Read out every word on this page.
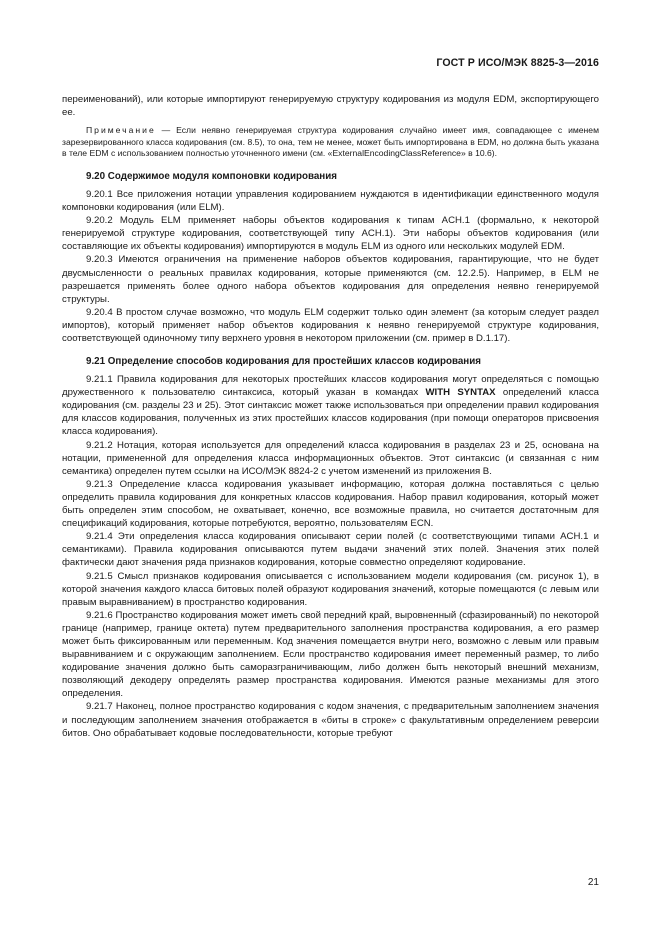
ГОСТ Р ИСО/МЭК 8825-3—2016

переименований), или которые импортируют генерируемую структуру кодирования из модуля EDM, экспортирующего ее.

Примечание — Если неявно генерируемая структура кодирования случайно имеет имя, совпадающее с именем зарезервированного класса кодирования (см. 8.5), то она, тем не менее, может быть импортирована в EDM, но должна быть указана в теле EDM с использованием полностью уточненного имени (см. «ExternalEncodingClassReference» в 10.6).

9.20 Содержимое модуля компоновки кодирования

9.20.1 Все приложения нотации управления кодированием нуждаются в идентификации единственного модуля компоновки кодирования (или ELM).

9.20.2 Модуль ELM применяет наборы объектов кодирования к типам ACH.1 (формально, к некоторой генерируемой структуре кодирования, соответствующей типу ACH.1). Эти наборы объектов кодирования (или составляющие их объекты кодирования) импортируются в модуль ELM из одного или нескольких модулей EDM.

9.20.3 Имеются ограничения на применение наборов объектов кодирования, гарантирующие, что не будет двусмысленности о реальных правилах кодирования, которые применяются (см. 12.2.5). Например, в ELM не разрешается применять более одного набора объектов кодирования для определения неявно генерируемой структуры.

9.20.4 В простом случае возможно, что модуль ELM содержит только один элемент (за которым следует раздел импортов), который применяет набор объектов кодирования к неявно генерируемой структуре кодирования, соответствующей одиночному типу верхнего уровня в некотором приложении (см. пример в D.1.17).

9.21 Определение способов кодирования для простейших классов кодирования

9.21.1 Правила кодирования для некоторых простейших классов кодирования могут определяться с помощью дружественного к пользователю синтаксиса, который указан в командах WITH SYNTAX определений класса кодирования (см. разделы 23 и 25). Этот синтаксис может также использоваться при определении правил кодирования для классов кодирования, полученных из этих простейших классов кодирования (при помощи операторов присвоения класса кодирования).

9.21.2 Нотация, которая используется для определений класса кодирования в разделах 23 и 25, основана на нотации, примененной для определения класса информационных объектов. Этот синтаксис (и связанная с ним семантика) определен путем ссылки на ИСО/МЭК 8824-2 с учетом изменений из приложения B.

9.21.3 Определение класса кодирования указывает информацию, которая должна поставляться с целью определить правила кодирования для конкретных классов кодирования. Набор правил кодирования, который может быть определен этим способом, не охватывает, конечно, все возможные правила, но считается достаточным для спецификаций кодирования, которые потребуются, вероятно, пользователям ECN.

9.21.4 Эти определения класса кодирования описывают серии полей (с соответствующими типами ACH.1 и семантиками). Правила кодирования описываются путем выдачи значений этих полей. Значения этих полей фактически дают значения ряда признаков кодирования, которые совместно определяют кодирование.

9.21.5 Смысл признаков кодирования описывается с использованием модели кодирования (см. рисунок 1), в которой значения каждого класса битовых полей образуют кодирования значений, которые помещаются (с левым или правым выравниванием) в пространство кодирования.

9.21.6 Пространство кодирования может иметь свой передний край, выровненный (сфазированный) по некоторой границе (например, границе октета) путем предварительного заполнения пространства кодирования, а его размер может быть фиксированным или переменным. Код значения помещается внутри него, возможно с левым или правым выравниванием и с окружающим заполнением. Если пространство кодирования имеет переменный размер, то либо кодирование значения должно быть саморазграничивающим, либо должен быть некоторый внешний механизм, позволяющий декодеру определять размер пространства кодирования. Имеются разные механизмы для этого определения.

9.21.7 Наконец, полное пространство кодирования с кодом значения, с предварительным заполнением значения и последующим заполнением значения отображается в «биты в строке» с факультативным определением реверсии битов. Оно обрабатывает кодовые последовательности, которые требуют

21
